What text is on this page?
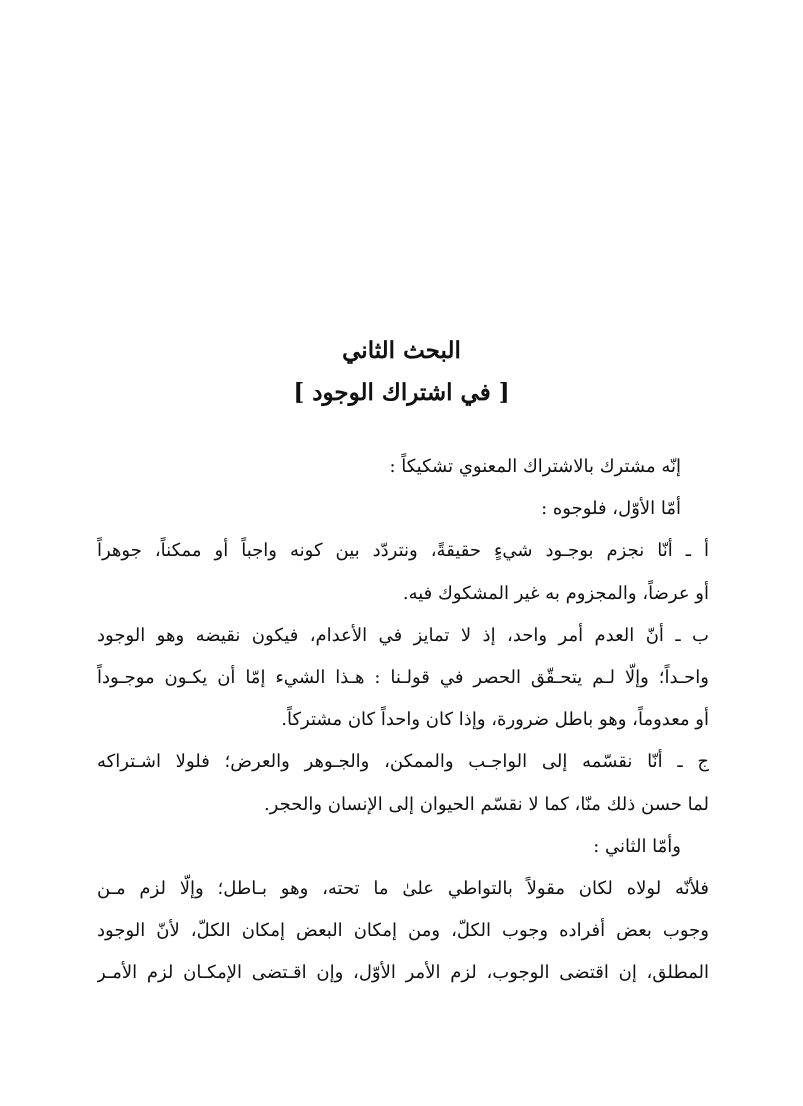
البحث الثاني
[ في اشتراك الوجود ]
إنّه مشترك بالاشتراك المعنوي تشكيكاً :
أمّا الأوّل، فلوجوه :
أ ـ أنّا نجزم بوجـود شيءٍ حقيقةً، ونتردّد بين كونه واجباً أو ممكناً، جوهراً
أو عرضاً، والمجزوم به غير المشكوك فيه.
ب ـ أنّ العدم أمر واحد، إذ لا تمايز في الأعدام، فيكون نقيضه وهو الوجود
واحـداً؛ وإلّا لـم يتحـقّق الحصر في قولـنا : هـذا الشيء إمّا أن يكـون موجـوداً
أو معدوماً، وهو باطل ضرورة، وإذا كان واحداً كان مشتركاً.
ج ـ أنّا نقسّمه إلى الواجـب والممكن، والجـوهر والعرض؛ فلولا اشـتراكه
لما حسن ذلك منّا، كما لا نقسّم الحيوان إلى الإنسان والحجر.
وأمّا الثاني :
فلأنّه لولاه لكان مقولاً بالتواطي علىٰ ما تحته، وهو بـاطل؛ وإلّا لزم مـن
وجوب بعض أفراده وجوب الكلّ، ومن إمكان البعض إمكان الكلّ، لأنّ الوجود
المطلق، إن اقتضى الوجوب، لزم الأمر الأوّل، وإن اقـتضى الإمكـان لزم الأمـر
